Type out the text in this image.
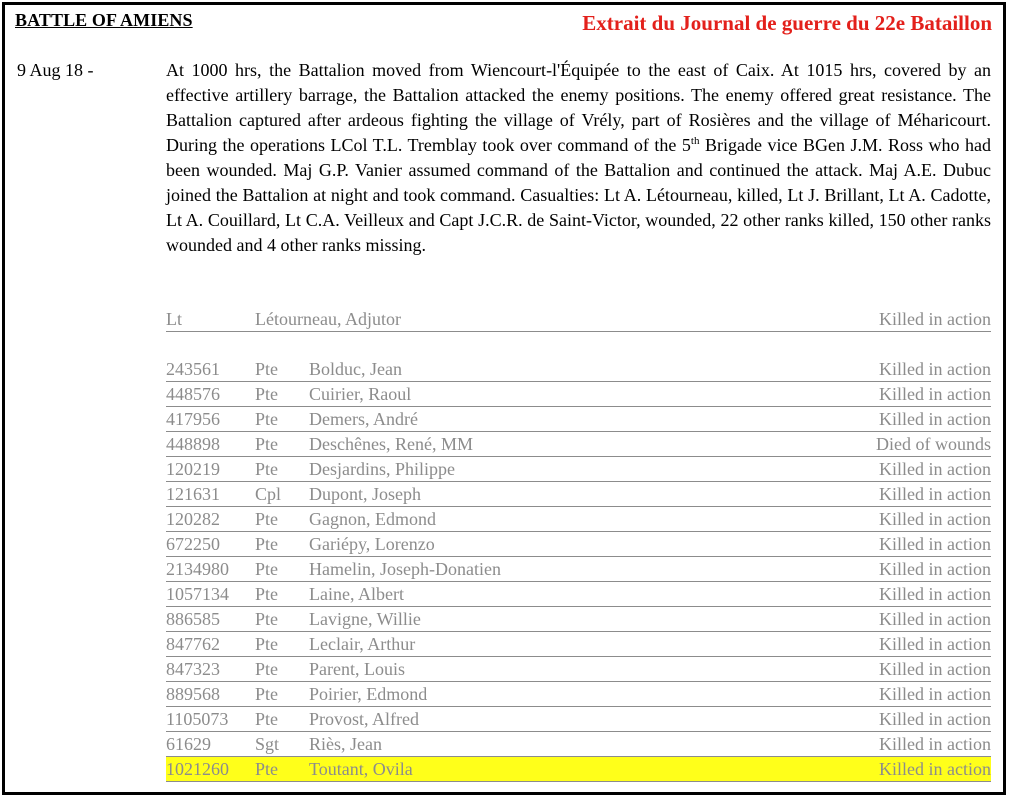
BATTLE OF AMIENS	Extrait du Journal de guerre du 22e Bataillon
9 Aug 18 -	At 1000 hrs, the Battalion moved from Wiencourt-l'Équipée to the east of Caix. At 1015 hrs, covered by an effective artillery barrage, the Battalion attacked the enemy positions. The enemy offered great resistance. The Battalion captured after ardeous fighting the village of Vrély, part of Rosières and the village of Méharicourt. During the operations LCol T.L. Tremblay took over command of the 5th Brigade vice BGen J.M. Ross who had been wounded. Maj G.P. Vanier assumed command of the Battalion and continued the attack. Maj A.E. Dubuc joined the Battalion at night and took command. Casualties: Lt A. Létourneau, killed, Lt J. Brillant, Lt A. Cadotte, Lt A. Couillard, Lt C.A. Veilleux and Capt J.C.R. de Saint-Victor, wounded, 22 other ranks killed, 150 other ranks wounded and 4 other ranks missing.
Lt	Létourneau, Adjutor	Killed in action
243561 Pte Bolduc, Jean	Killed in action
448576 Pte Cuirier, Raoul	Killed in action
417956 Pte Demers, André	Killed in action
448898 Pte Deschênes, René, MM	Died of wounds
120219 Pte Desjardins, Philippe	Killed in action
121631 Cpl Dupont, Joseph	Killed in action
120282 Pte Gagnon, Edmond	Killed in action
672250 Pte Gariépy, Lorenzo	Killed in action
2134980 Pte Hamelin, Joseph-Donatien	Killed in action
1057134 Pte Laine, Albert	Killed in action
886585 Pte Lavigne, Willie	Killed in action
847762 Pte Leclair, Arthur	Killed in action
847323 Pte Parent, Louis	Killed in action
889568 Pte Poirier, Edmond	Killed in action
1105073 Pte Provost, Alfred	Killed in action
61629 Sgt Riès, Jean	Killed in action
1021260 Pte Toutant, Ovila	Killed in action
